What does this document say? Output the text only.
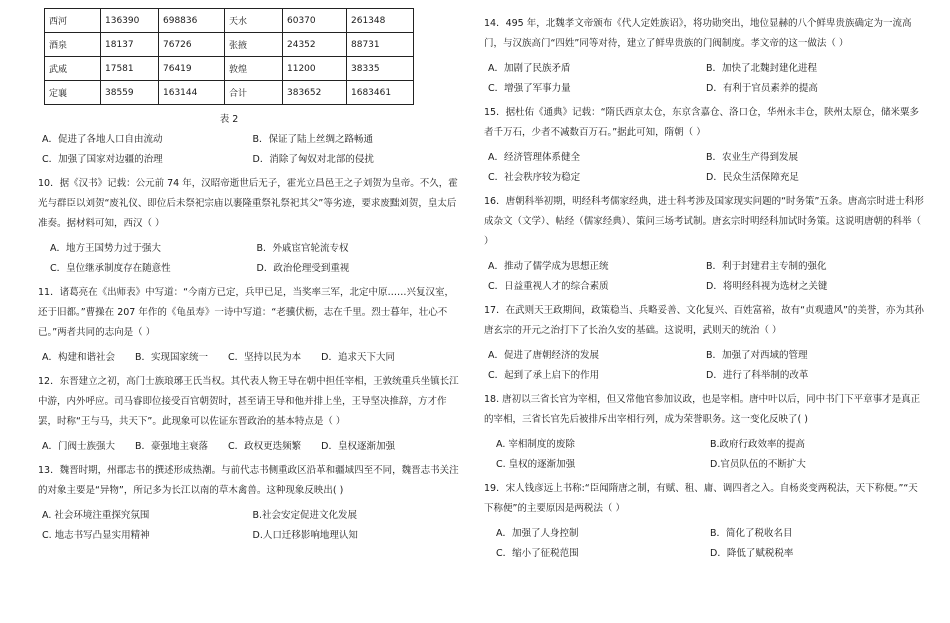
西河	136390	698836	天水	60370	261348
酒泉	18137	76726	张掖	24352	88731
武威	17581	76419	敦煌	11200	38335
定襄	38559	163144	合计	383652	1683461
表 2
A．促进了各地人口自由流动	B．保证了陆上丝绸之路畅通
C．加强了国家对边疆的治理	D．消除了匈奴对北部的侵扰
10．据《汉书》记载：公元前 74 年，汉昭帝逝世后无子，霍光立昌邑王之子刘贺为皇帝。不久，霍光与群臣以刘贺“废礼仪、即位后未祭祀宗庙以裹隆重祭礼祭祀其父”等劣迹，要求废黜刘贺，皇太后准奏。据材料可知，西汉（ ）
A．地方王国势力过于强大	B．外戚宦官轮流专权
C．皇位继承制度存在随意性	D．政治伦理受到重视
11．诸葛亮在《出师表》中写道：“今南方已定，兵甲已足，当奖率三军，北定中原……兴复汉室，还于旧都。”曹操在 207 年作的《龟虽寿》一诗中写道：“老骥伏枥，志在千里。烈士暮年，壮心不已。”两者共同的志向是（ ）
A．构建和谐社会 B．实现国家统一 C．坚持以民为本 D．追求天下大同
12．东晋建立之初，高门士族琅琊王氏当权。其代表人物王导在朝中担任宰相，王敦统重兵坐镇长江中游，内外呼应。司马睿即位接受百官朝贺时，甚至请王导和他并排上坐，王导坚决推辞，方才作罢，时称“王与马，共天下”。此现象可以佐证东晋政治的基本特点是（ ）
A．门阀士族强大 B．豪强地主衰落 C．政权更迭频繁 D．皇权逐渐加强
13．魏晋时期，州郡志书的撰述形成热潮。与前代志书侧重政区沿革和疆域四至不同，魏晋志书关注的对象主要是“异物”，所记多为长江以南的草木禽兽。这种现象反映出( )
A. 社会环境注重探究氛围	B.社会安定促进文化发展
C. 地志书写凸显实用精神	D.人口迁移影响地理认知
14．495 年，北魏孝文帝颁布《代人定姓族诏》，将功勋突出，地位显赫的八个鲜卑贵族确定为一流高门，与汉族高门“四姓”同等对待，建立了鲜卑贵族的门阀制度。孝文帝的这一做法（ ）
A．加剧了民族矛盾	B．加快了北魏封建化进程
C．增强了军事力量	D．有利于官员素养的提高
15．据杜佑《通典》记载：“隋氏西京太仓，东京含嘉仓、洛口仓，华州永丰仓，陕州太原仓，储米粟多者千万石，少者不减数百万石。”据此可知，隋朝（ ）
A．经济管理体系健全	B．农业生产得到发展
C．社会秩序较为稳定	D．民众生活保障充足
16．唐朝科举初期，明经科考儒家经典，进士科考涉及国家现实问题的“时务策”五条。唐高宗时进士科形成杂文（文学）、帖经（儒家经典）、策问三场考试制。唐玄宗时明经科加试时务策。这说明唐朝的科举（ ）
A．推动了儒学成为思想正统	B．利于封建君主专制的强化
C．日益重视人才的综合素质	D．将明经科视为选材之关键
17．在武则天王政期间，政策稳当、兵略妥善、文化复兴、百姓富裕，故有“贞观遗风”的美誉，亦为其孙唐玄宗的开元之治打下了长治久安的基础。这说明，武则天的统治（ ）
A．促进了唐朝经济的发展	B．加强了对西域的管理
C．起到了承上启下的作用	D．进行了科举制的改革
18. 唐初以三省长官为宰相，但又常他官参加议政，也是宰相。唐中叶以后，同中书门下平章事才是真正的宰相，三省长官先后被排斥出宰相行列，成为荣誉职务。这一变化反映了( )
A. 宰相制度的废除	B.政府行政效率的提高
C. 皇权的逐渐加强	D.官员队伍的不断扩大
19．宋人钱彦远上书称:“臣闻隋唐之制，有赋、租、庸、调四者之入。自杨炎变两税法，天下称便。”“天下称便”的主要原因是两税法（ ）
A．加强了人身控制	B．简化了税收名目
C．缩小了征税范围	D．降低了赋税税率
